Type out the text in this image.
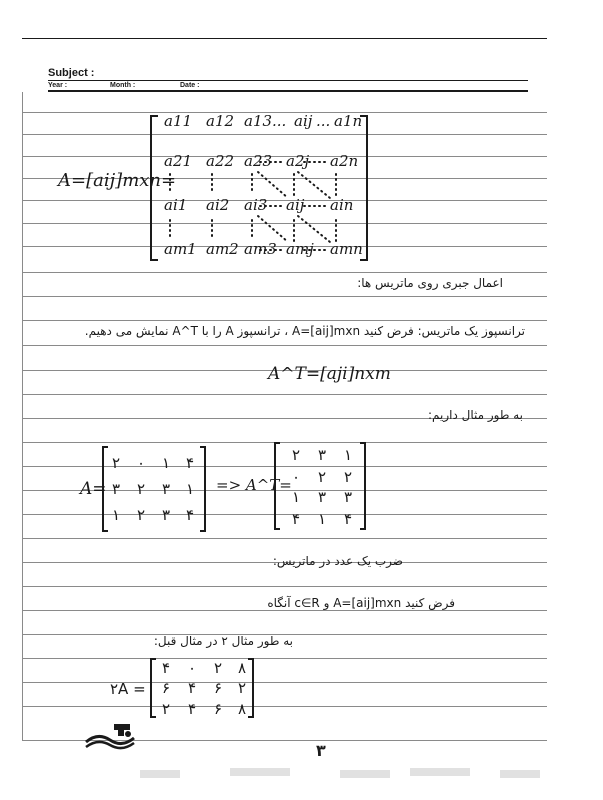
Subject :
Year :	Month :	Date :
A=[aij]mxn=
a11 a12 a13 ... aij ... a1n
a21 a22 a23 a2j a2n
ai1 ai2 ai3 aij ain
am1 am2 am3 amj amn
اعمال جبری روی ماتریس ها:
ترانسپوز یک ماتریس: فرض کنید A=[aij]mxn ، ترانسپوز A را با A^T نمایش می دهیم.
A^T=[aji]nxm
به طور مثال داریم:
A=
۲ ۰ ۱ ۴
۳ ۲ ۳ ۱
۱ ۲ ۳ ۴
=> A^T=
۲ ۳ ۱
۰ ۲ ۲
۱ ۳ ۳
۴ ۱ ۴
ضرب یک عدد در ماتریس:
فرض کنید A=[aij]mxn و c∈R آنگاه
به طور مثال ۲ در مثال قبل:
۲A =
۴ ۰ ۲ ۸
۶ ۴ ۶ ۲
۲ ۴ ۶ ۸
۳
